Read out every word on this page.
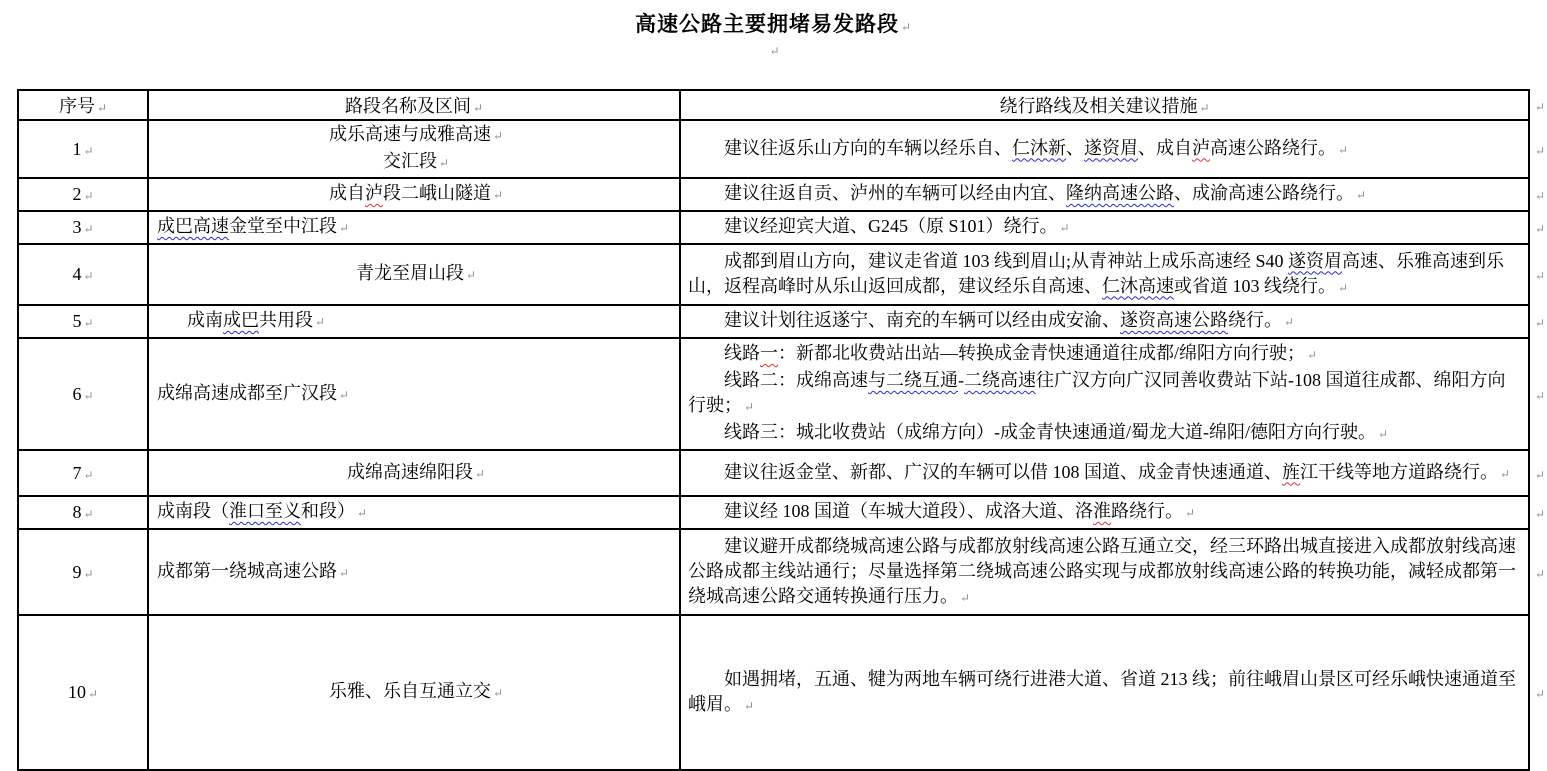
高速公路主要拥堵易发路段 ↵
↵
序号 ↵	路段名称及区间 ↵	绕行路线及相关建议措施 ↵	↵
1 ↵	成乐高速与成雅高速 ↵
交汇段 ↵	建议往返乐山方向的车辆以经乐自、仁沐新、遂资眉、成自泸高速公路绕行。 ↵	↵
2 ↵	成自泸段二峨山隧道 ↵	建议往返自贡、泸州的车辆可以经由内宜、隆纳高速公路、成渝高速公路绕行。 ↵	↵
3 ↵	成巴高速金堂至中江段 ↵	建议经迎宾大道、G245（原 S101）绕行。 ↵	↵
4 ↵	青龙至眉山段 ↵	成都到眉山方向，建议走省道 103 线到眉山;从青神站上成乐高速经 S40 遂资眉高速、乐雅高速到乐山，返程高峰时从乐山返回成都，建议经乐自高速、仁沐高速或省道 103 线绕行。 ↵	↵
5 ↵	成南成巴共用段 ↵	建议计划往返遂宁、南充的车辆可以经由成安渝、遂资高速公路绕行。 ↵	↵
6 ↵	成绵高速成都至广汉段 ↵	线路一：新都北收费站出站—转换成金青快速通道往成都/绵阳方向行驶； ↵
线路二：成绵高速与二绕互通-二绕高速往广汉方向广汉同善收费站下站-108 国道往成都、绵阳方向行驶； ↵
线路三：城北收费站（成绵方向）-成金青快速通道/蜀龙大道-绵阳/德阳方向行驶。 ↵	↵
7 ↵	成绵高速绵阳段 ↵	建议往返金堂、新都、广汉的车辆可以借 108 国道、成金青快速通道、旌江干线等地方道路绕行。 ↵	↵
8 ↵	成南段（淮口至义和段） ↵	建议经 108 国道（车城大道段）、成洛大道、洛淮路绕行。 ↵	↵
9 ↵	成都第一绕城高速公路 ↵	建议避开成都绕城高速公路与成都放射线高速公路互通立交，经三环路出城直接进入成都放射线高速公路成都主线站通行；尽量选择第二绕城高速公路实现与成都放射线高速公路的转换功能，减轻成都第一绕城高速公路交通转换通行压力。 ↵	↵
10 ↵	乐雅、乐自互通立交 ↵	如遇拥堵，五通、犍为两地车辆可绕行进港大道、省道 213 线；前往峨眉山景区可经乐峨快速通道至峨眉。 ↵	↵
